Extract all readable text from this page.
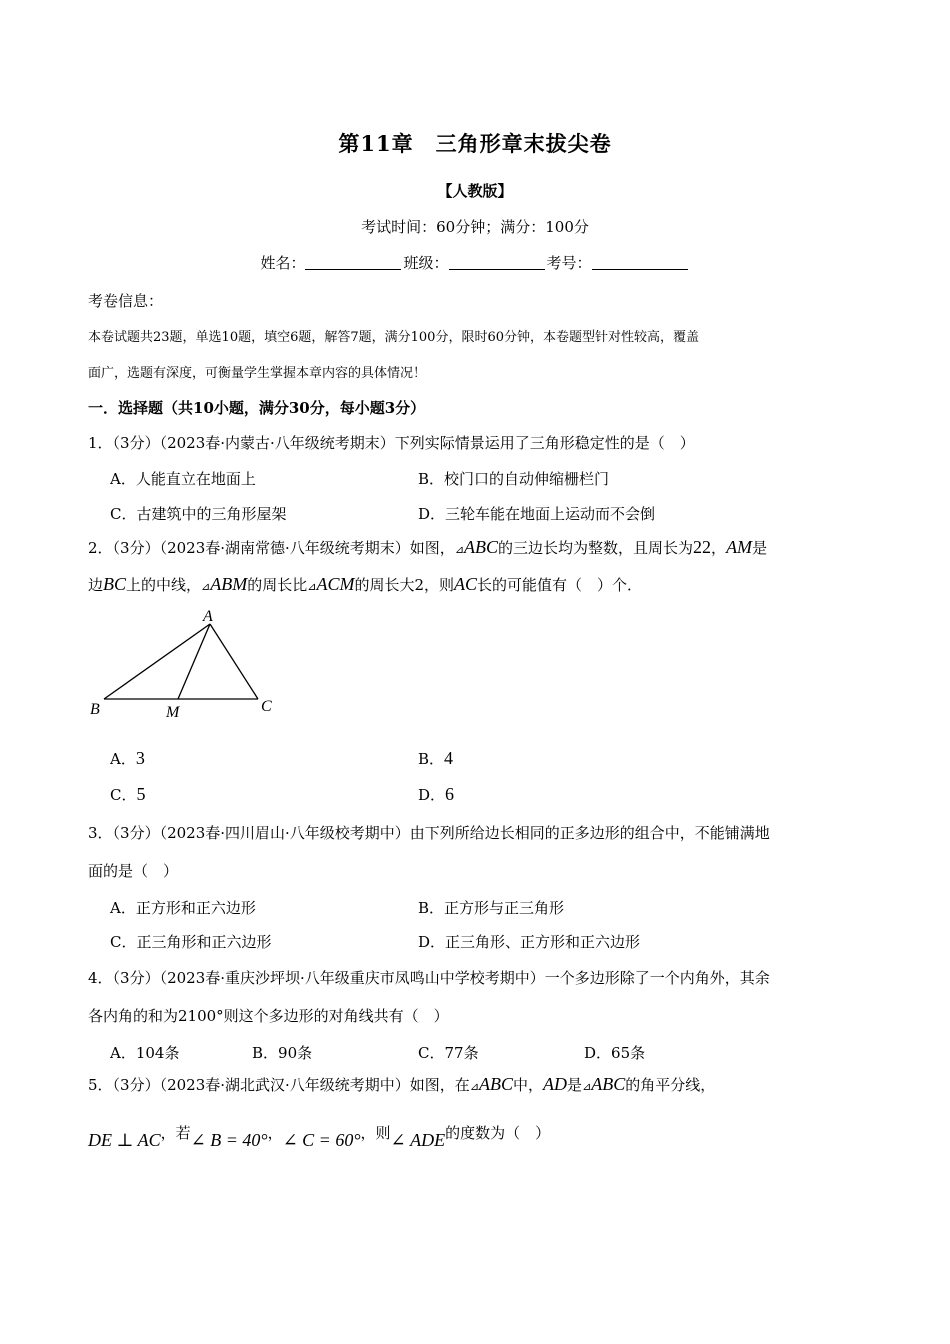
第11章 三角形章末拔尖卷
【人教版】
考试时间：60分钟；满分：100分
姓名：	班级：	考号：
考卷信息：
本卷试题共23题，单选10题，填空6题，解答7题，满分100分，限时60分钟，本卷题型针对性较高，覆盖
面广，选题有深度，可衡量学生掌握本章内容的具体情况！
一．选择题（共10小题，满分30分，每小题3分）
1．（3分）（2023春·内蒙古·八年级统考期末）下列实际情景运用了三角形稳定性的是（　）
A．人能直立在地面上	B．校门口的自动伸缩栅栏门
C．古建筑中的三角形屋架	D．三轮车能在地面上运动而不会倒
2．（3分）（2023春·湖南常德·八年级统考期末）如图，⊿ABC的三边长均为整数，且周长为22，AM是
边BC上的中线，⊿ABM的周长比⊿ACM的周长大2，则AC长的可能值有（　）个．
A
B	M	C
A．3	B．4
C．5	D．6
3．（3分）（2023春·四川眉山·八年级校考期中）由下列所给边长相同的正多边形的组合中，不能铺满地
面的是（　）
A．正方形和正六边形	B．正方形与正三角形
C．正三角形和正六边形	D．正三角形、正方形和正六边形
4．（3分）（2023春·重庆沙坪坝·八年级重庆市凤鸣山中学校考期中）一个多边形除了一个内角外，其余
各内角的和为2100°则这个多边形的对角线共有（　）
A．104条	B．90条	C．77条	D．65条
5．（3分）（2023春·湖北武汉·八年级统考期中）如图，在⊿ABC中，AD是⊿ABC的角平分线，
DE ⊥ AC，若∠ B = 40°，∠ C = 60°，则∠ ADE的度数为（　）
